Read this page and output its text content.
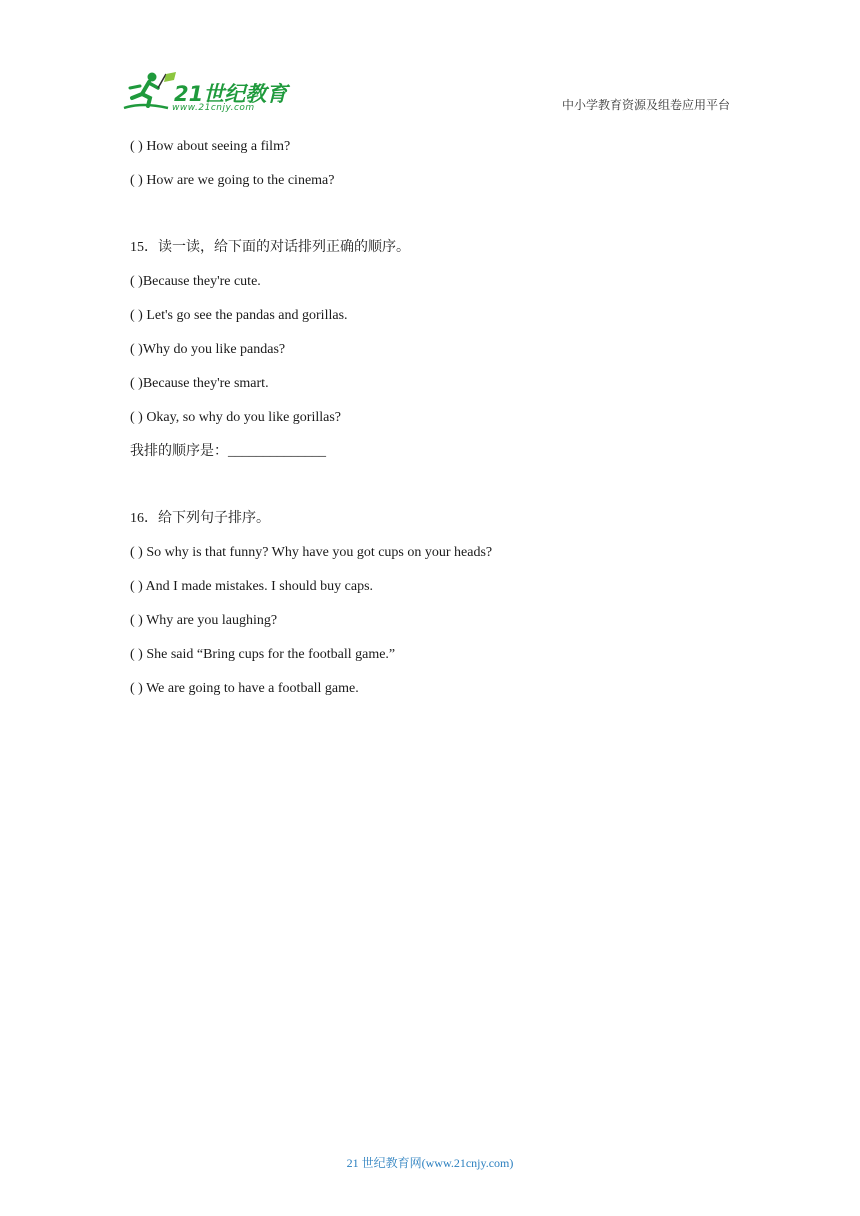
21世纪教育
www.21cnjy.com	中小学教育资源及组卷应用平台
( ) How about seeing a film?
( ) How are we going to the cinema?
15．读一读，给下面的对话排列正确的顺序。
( )Because they're cute.
( ) Let's go see the pandas and gorillas.
( )Why do you like pandas?
( )Because they're smart.
( ) Okay, so why do you like gorillas?
我排的顺序是：______________
16．给下列句子排序。
( ) So why is that funny? Why have you got cups on your heads?
( ) And I made mistakes. I should buy caps.
( ) Why are you laughing?
( ) She said “Bring cups for the football game.”
( ) We are going to have a football game.
21 世纪教育网(www.21cnjy.com)
